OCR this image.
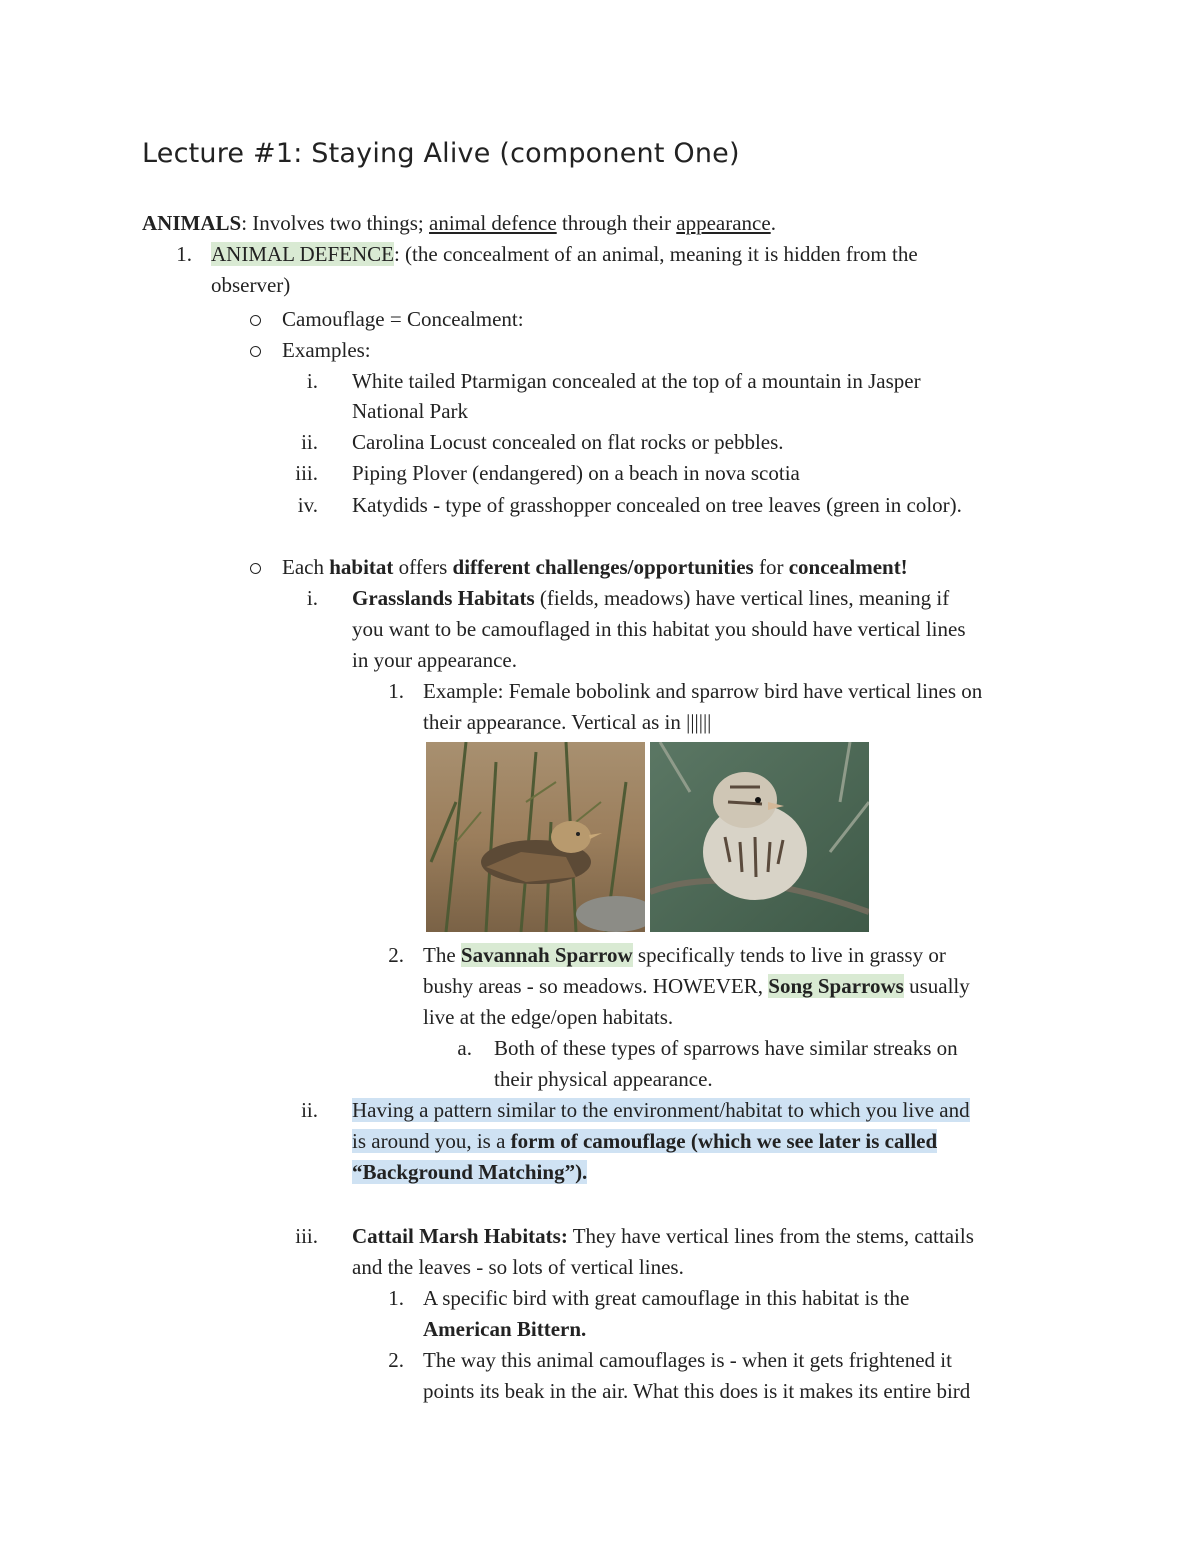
Lecture #1: Staying Alive (component One)
ANIMALS: Involves two things; animal defence through their appearance.
1. ANIMAL DEFENCE: (the concealment of an animal, meaning it is hidden from the
observer)
Camouflage = Concealment:
Examples:
i. White tailed Ptarmigan concealed at the top of a mountain in Jasper
National Park
ii. Carolina Locust concealed on flat rocks or pebbles.
iii. Piping Plover (endangered) on a beach in nova scotia
iv. Katydids - type of grasshopper concealed on tree leaves (green in color).
Each habitat offers different challenges/opportunities for concealment!
i. Grasslands Habitats (fields, meadows) have vertical lines, meaning if
you want to be camouflaged in this habitat you should have vertical lines
in your appearance.
1. Example: Female bobolink and sparrow bird have vertical lines on
their appearance. Vertical as in ||||||
2. The Savannah Sparrow specifically tends to live in grassy or
bushy areas - so meadows. HOWEVER, Song Sparrows usually
live at the edge/open habitats.
a. Both of these types of sparrows have similar streaks on
their physical appearance.
ii. Having a pattern similar to the environment/habitat to which you live and
is around you, is a form of camouflage (which we see later is called
“Background Matching”).
iii. Cattail Marsh Habitats: They have vertical lines from the stems, cattails
and the leaves - so lots of vertical lines.
1. A specific bird with great camouflage in this habitat is the
American Bittern.
2. The way this animal camouflages is - when it gets frightened it
points its beak in the air. What this does is it makes its entire bird
